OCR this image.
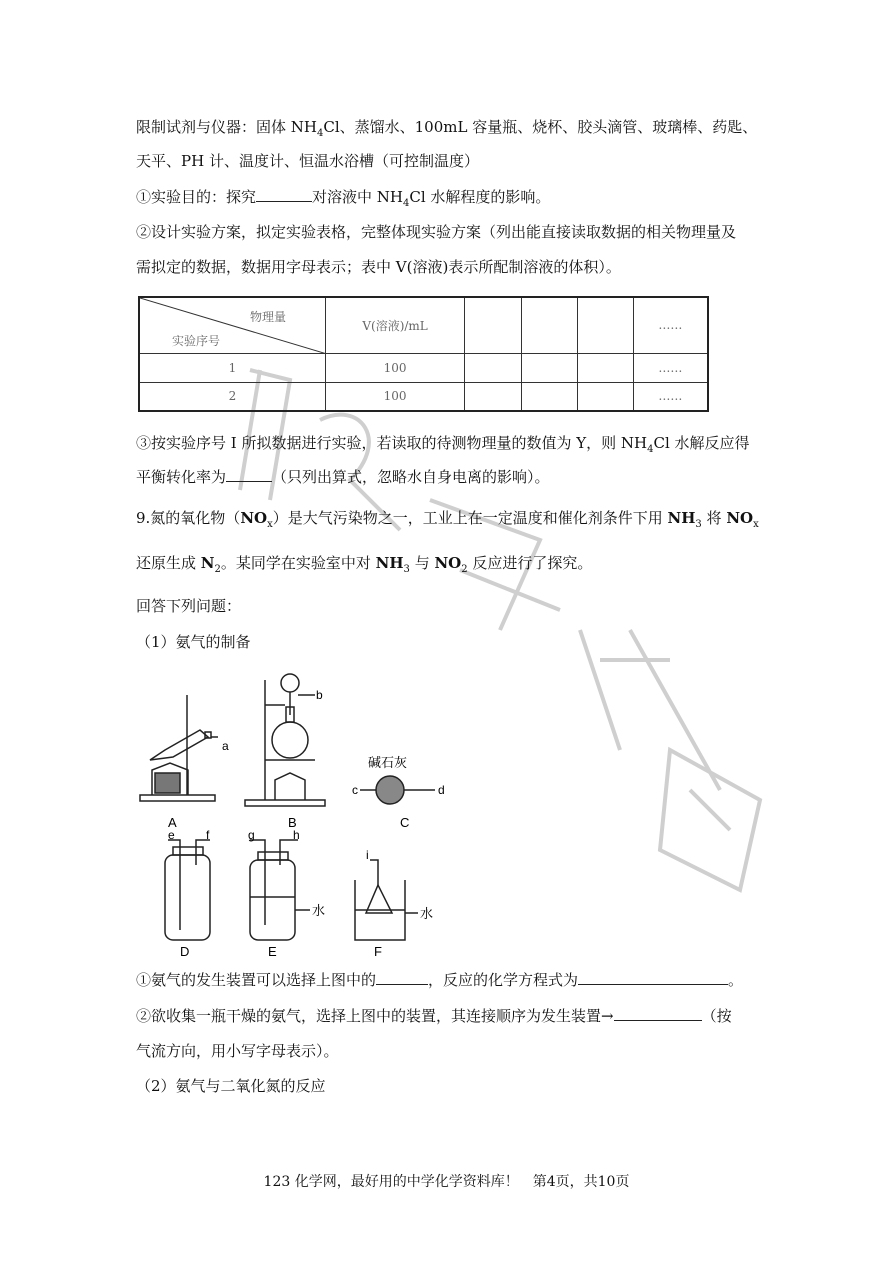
限制试剂与仪器：固体 $NH_4Cl$、蒸馏水、100mL 容量瓶、烧杯、胶头滴管、玻璃棒、药匙、
天平、PH 计、温度计、恒温水浴槽（可控制温度）
①实验目的：探究	对溶液中 $NH_4Cl$ 水解程度的影响。
②设计实验方案，拟定实验表格，完整体现实验方案（列出能直接读取数据的相关物理量及
需拟定的数据，数据用字母表示；表中 V(溶液)表示所配制溶液的体积）。
物理量
实验序号	V(溶液)/mL				……
1	100				……
2	100				……
③按实验序号 I 所拟数据进行实验，若读取的待测物理量的数值为 Y，则 $NH_4Cl$ 水解反应得
平衡转化率为	（只列出算式，忽略水自身电离的影响）。
9.氮的氧化物$(NO_x)$是大气污染物之一，工业上在一定温度和催化剂条件下用 $NH_3$ 将 $NO_x$
还原生成 $N_2$。某同学在实验室中对 $NH_3$ 与 $NO_2$ 反应进行了探究。
回答下列问题：
（1）氨气的制备
a
b
c	d
碱石灰
e	f	g	h
i
水	水
A	B	C
D	E	F
①氨气的发生装置可以选择上图中的	，反应的化学方程式为	。
②欲收集一瓶干燥的氨气，选择上图中的装置，其连接顺序为发生装置→	（按
气流方向，用小写字母表示）。
（2）氨气与二氧化氮的反应
123 化学网，最好用的中学化学资料库！　第4页，共10页
